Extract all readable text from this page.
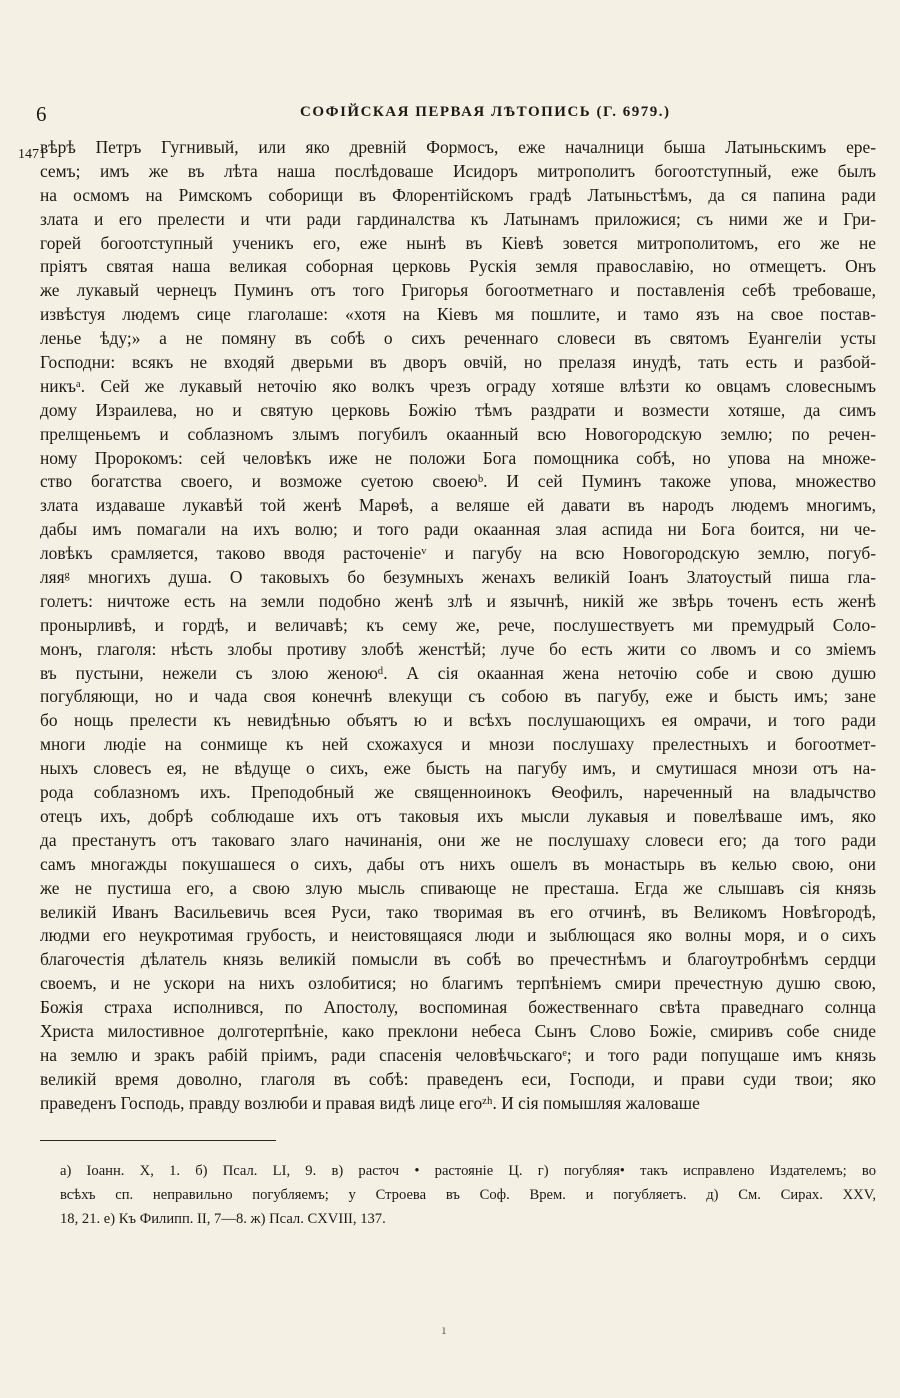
6	СОФІЙСКАЯ ПЕРВАЯ ЛѢТОПИСЬ (Г. 6979.)
1471
вѣрѣ Петръ Гугнивый, или яко древній Формосъ, еже началници быша Латыньскимъ ере-
семъ; имъ же въ лѣта наша послѣдоваше Исидоръ митрополитъ богоотступный, еже былъ
на осмомъ на Римскомъ соборищи въ Флорентійскомъ градѣ Латыньстѣмъ, да ся папина ради
злата и его прелести и чти ради гардиналства къ Латынамъ приложися; съ ними же и Гри-
горей богоотступный ученикъ его, еже нынѣ въ Кіевѣ зовется митрополитомъ, его же не
пріятъ святая наша великая соборная церковь Рускія земля православію, но отмещетъ. Онъ
же лукавый чернецъ Пуминъ отъ того Григорья богоотметнаго и поставленія себѣ требоваше,
извѣстуя людемъ сице глаголаше: «хотя на Кіевъ мя пошлите, и тамо язъ на свое постав-
ленье ѣду;» а не помяну въ собѣ о сихъ реченнаго словеси въ святомъ Еуангеліи усты
Господни: всякъ не входяй дверьми въ дворъ овчій, но прелазя инудѣ, тать есть и разбой-
никъᵃ. Сей же лукавый неточію яко волкъ чрезъ ограду хотяше влѣзти ко овцамъ словеснымъ
дому Израилева, но и святую церковь Божію тѣмъ раздрати и возмести хотяше, да симъ
прелщеньемъ и соблазномъ злымъ погубилъ окаанный всю Новогородскую землю; по речен-
ному Пророкомъ: сей человѣкъ иже не положи Бога помощника собѣ, но упова на множе-
ство богатства своего, и возможе суетою своеюᵇ. И сей Пуминъ такоже упова, множество
злата издаваше лукавѣй той женѣ Марѳѣ, а веляше ей давати въ народъ людемъ многимъ,
дабы имъ помагали на ихъ волю; и того ради окаанная злая аспида ни Бога боится, ни че-
ловѣкъ срамляется, таково вводя расточеніеᵛ и пагубу на всю Новогородскую землю, погуб-
ляяᵍ многихъ душа. О таковыхъ бо безумныхъ женахъ великій Іоанъ Златоустый пиша гла-
голетъ: ничтоже есть на земли подобно женѣ злѣ и язычнѣ, никій же звѣрь точенъ есть женѣ
пронырливѣ, и гордѣ, и величавѣ; къ сему же, рече, послушествуетъ ми премудрый Соло-
монъ, глаголя: нѣсть злобы противу злобѣ женстѣй; луче бо есть жити со лвомъ и со зміемъ
въ пустыни, нежели съ злою женоюᵈ. А сія окаанная жена неточію собе и свою душю
погубляющи, но и чада своя конечнѣ влекущи съ собою въ пагубу, еже и бысть имъ; зане
бо нощь прелести къ невидѣнью объятъ ю и всѣхъ послушающихъ ея омрачи, и того ради
многи людіе на сонмище къ ней схожахуся и мнози послушаху прелестныхъ и богоотмет-
ныхъ словесъ ея, не вѣдуще о сихъ, еже бысть на пагубу имъ, и смутишася мнози отъ на-
рода соблазномъ ихъ. Преподобный же священноинокъ Ѳеофилъ, нареченный на владычство
отецъ ихъ, добрѣ соблюдаше ихъ отъ таковыя ихъ мысли лукавыя и повелѣваше имъ, яко
да престанутъ отъ таковаго злаго начинанія, они же не послушаху словеси его; да того ради
самъ многажды покушашеся о сихъ, дабы отъ нихъ ошелъ въ монастырь въ келью свою, они
же не пустиша его, а свою злую мысль спивающе не престаша. Егда же слышавъ сія князь
великій Иванъ Васильевичь всея Руси, тако творимая въ его отчинѣ, въ Великомъ Новѣгородѣ,
людми его неукротимая грубость, и неистовящаяся люди и зыблющася яко волны моря, и о сихъ
благочестія дѣлатель князь великій помысли въ собѣ во пречестнѣмъ и благоутробнѣмъ сердци
своемъ, и не ускори на нихъ озлобитися; но благимъ терпѣніемъ смири пречестную душю свою,
Божія страха исполнився, по Апостолу, воспоминая божественнаго свѣта праведнаго солнца
Христа милостивное долготерпѣніе, како преклони небеса Сынъ Слово Божіе, смиривъ собе сниде
на землю и зракъ рабій пріимъ, ради спасенія человѣчьскагоᵉ; и того ради попущаше имъ князь
великій время доволно, глаголя въ собѣ: праведенъ еси, Господи, и прави суди твои; яко
праведенъ Господь, правду возлюби и правая видѣ лице егоᶻʰ. И сія помышляя жаловаше
а) Іоанн. X, 1. б) Псал. LI, 9. в) расточ • растояніе Ц. г) погубляя• такъ исправлено Издателемъ; во
всѣхъ сп. неправильно погубляемъ; у Строева въ Соф. Врем. и погубляетъ. д) См. Сирах. XXV,
18, 21. е) Къ Филипп. II, 7—8. ж) Псал. CXVIII, 137.
ı
